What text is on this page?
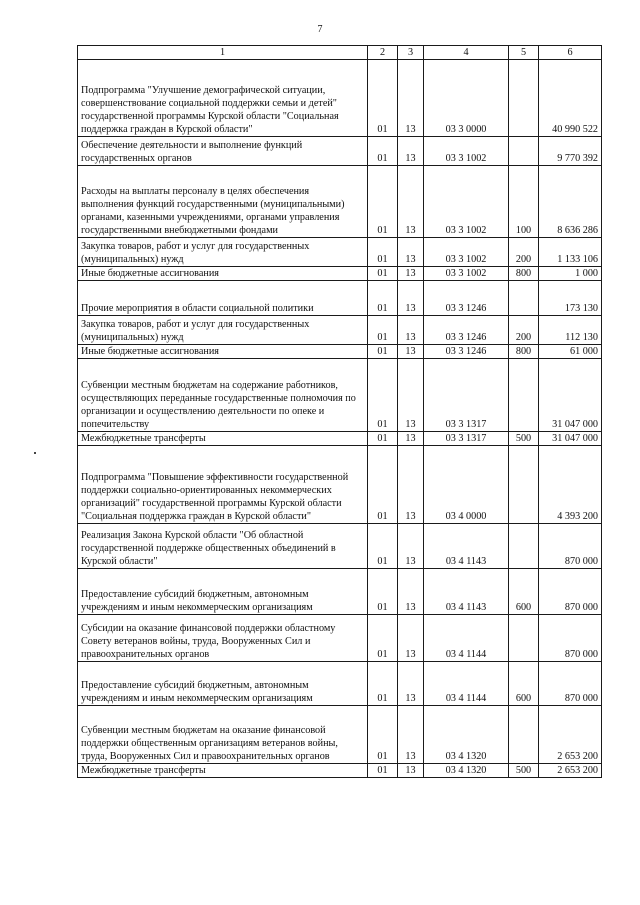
7
1	2	3	4	5	6
Подпрограмма "Улучшение демографической ситуации, совершенствование социальной поддержки семьи и детей" государственной программы Курской области "Социальная поддержка граждан в Курской области"	01	13	03 3 0000		40 990 522
Обеспечение деятельности и выполнение функций государственных органов	01	13	03 3 1002		9 770 392
Расходы на выплаты персоналу в целях обеспечения выполнения функций государственными (муниципальными) органами, казенными учреждениями, органами управления государственными внебюджетными фондами	01	13	03 3 1002	100	8 636 286
Закупка товаров, работ и услуг для государственных (муниципальных) нужд	01	13	03 3 1002	200	1 133 106
Иные бюджетные ассигнования	01	13	03 3 1002	800	1 000
Прочие мероприятия в области социальной политики	01	13	03 3 1246		173 130
Закупка товаров, работ и услуг для государственных (муниципальных) нужд	01	13	03 3 1246	200	112 130
Иные бюджетные ассигнования	01	13	03 3 1246	800	61 000
Субвенции местным бюджетам на содержание работников, осуществляющих переданные государственные полномочия по организации и осуществлению деятельности по опеке и попечительству	01	13	03 3 1317		31 047 000
Межбюджетные трансферты	01	13	03 3 1317	500	31 047 000
Подпрограмма "Повышение эффективности государственной поддержки социально-ориентированных некоммерческих организаций" государственной программы Курской области "Социальная поддержка граждан в Курской области"	01	13	03 4 0000		4 393 200
Реализация Закона Курской области "Об областной государственной поддержке общественных объединений в Курской области"	01	13	03 4 1143		870 000
Предоставление субсидий бюджетным, автономным учреждениям и иным некоммерческим организациям	01	13	03 4 1143	600	870 000
Субсидии на оказание финансовой поддержки областному Совету ветеранов войны, труда, Вооруженных Сил и правоохранительных органов	01	13	03 4 1144		870 000
Предоставление субсидий бюджетным, автономным учреждениям и иным некоммерческим организациям	01	13	03 4 1144	600	870 000
Субвенции местным бюджетам на оказание финансовой поддержки общественным организациям ветеранов войны, труда, Вооруженных Сил и правоохранительных органов	01	13	03 4 1320		2 653 200
Межбюджетные трансферты	01	13	03 4 1320	500	2 653 200
